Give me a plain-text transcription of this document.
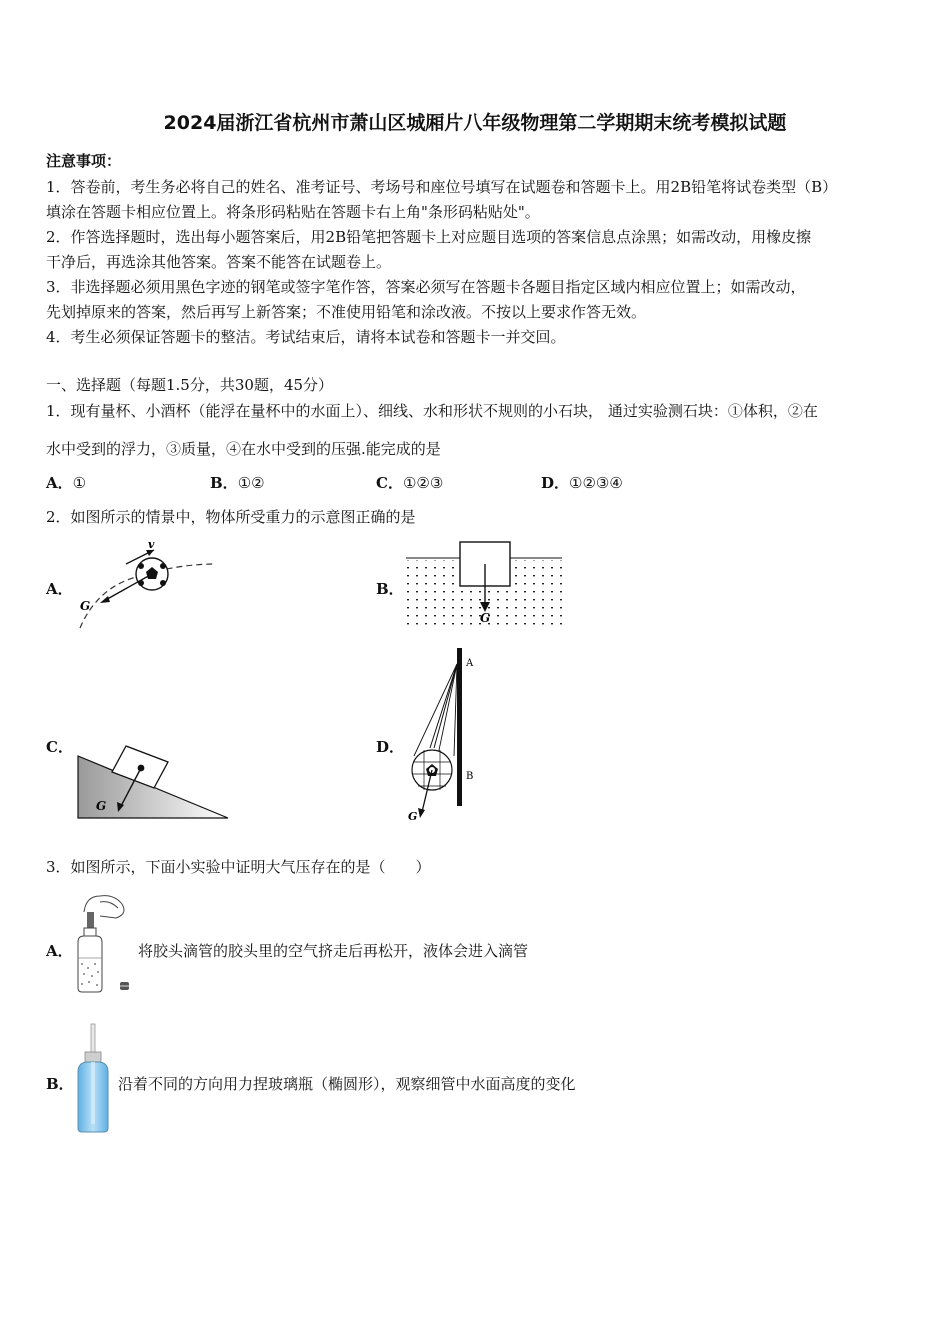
2024届浙江省杭州市萧山区城厢片八年级物理第二学期期末统考模拟试题
注意事项：
1．答卷前，考生务必将自己的姓名、准考证号、考场号和座位号填写在试题卷和答题卡上。用2B铅笔将试卷类型（B）
填涂在答题卡相应位置上。将条形码粘贴在答题卡右上角"条形码粘贴处"。
2．作答选择题时，选出每小题答案后，用2B铅笔把答题卡上对应题目选项的答案信息点涂黑；如需改动，用橡皮擦
干净后，再选涂其他答案。答案不能答在试题卷上。
3．非选择题必须用黑色字迹的钢笔或签字笔作答，答案必须写在答题卡各题目指定区域内相应位置上；如需改动，
先划掉原来的答案，然后再写上新答案；不准使用铅笔和涂改液。不按以上要求作答无效。
4．考生必须保证答题卡的整洁。考试结束后，请将本试卷和答题卡一并交回。
一、选择题（每题1.5分，共30题，45分）
1．现有量杯、小酒杯（能浮在量杯中的水面上）、细线、水和形状不规则的小石块， 通过实验测石块：①体积，②在
水中受到的浮力，③质量，④在水中受到的压强.能完成的是
A．①	B．①②	C．①②③	D．①②③④
2．如图所示的情景中，物体所受重力的示意图正确的是
A．
v
G
B．
G
C．
G
D．
A
B
G
3．如图所示，下面小实验中证明大气压存在的是（　　）
A．	将胶头滴管的胶头里的空气挤走后再松开，液体会进入滴管
B．	沿着不同的方向用力捏玻璃瓶（椭圆形），观察细管中水面高度的变化
